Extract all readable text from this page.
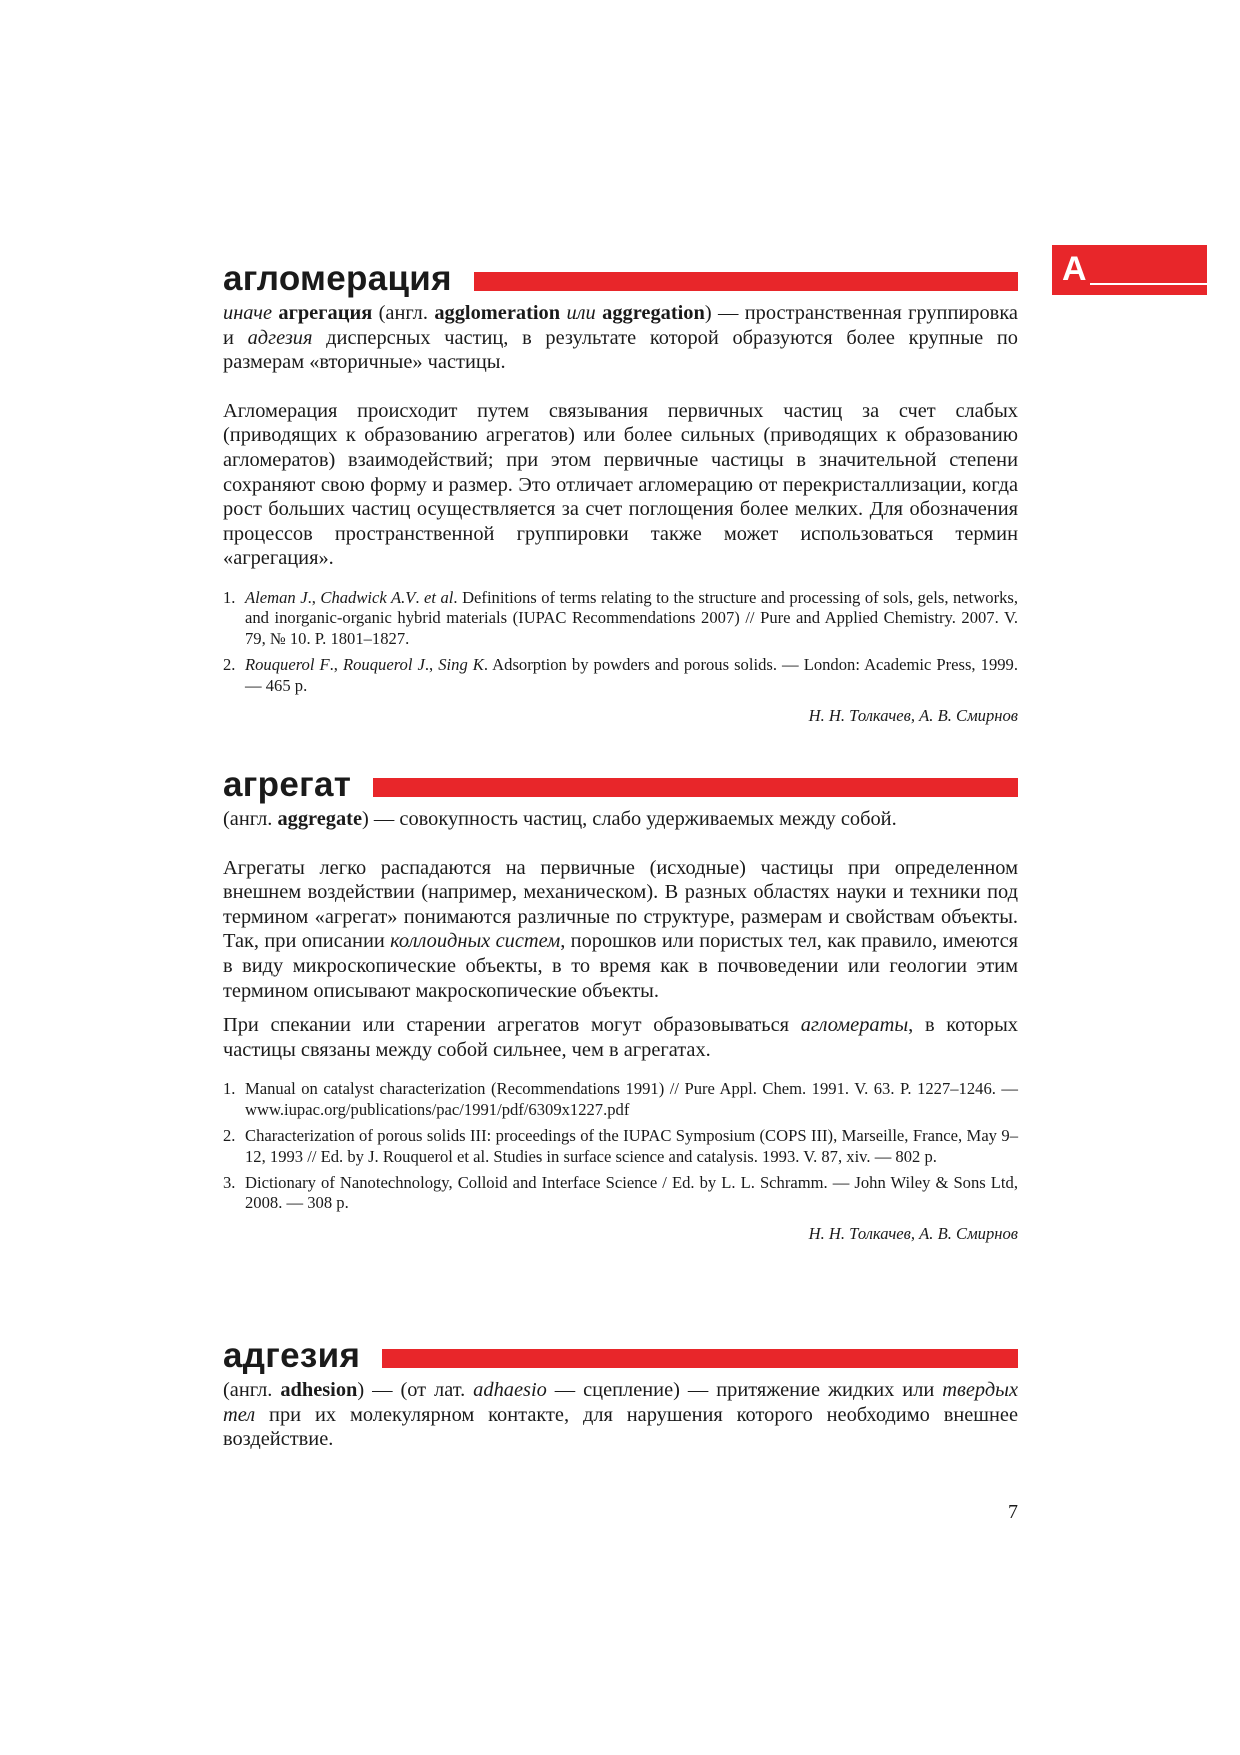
А
агломерация

иначе агрегация (англ. agglomeration или aggregation) — пространственная группировка и адгезия дисперсных частиц, в результате которой образуются более крупные по размерам «вторичные» частицы.

Агломерация происходит путем связывания первичных частиц за счет слабых (приводящих к образованию агрегатов) или более сильных (приводящих к образованию агломератов) взаимодействий; при этом первичные частицы в значительной степени сохраняют свою форму и размер. Это отличает агломерацию от перекристаллизации, когда рост больших частиц осуществляется за счет поглощения более мелких. Для обозначения процессов пространственной группировки также может использоваться термин «агрегация».

1. Aleman J., Chadwick A.V. et al. Definitions of terms relating to the structure and processing of sols, gels, networks, and inorganic-organic hybrid materials (IUPAC Recommendations 2007) // Pure and Applied Chemistry. 2007. V. 79, № 10. P. 1801–1827.
2. Rouquerol F., Rouquerol J., Sing K. Adsorption by powders and porous solids. — London: Academic Press, 1999. — 465 p.
Н. Н. Толкачев, А. В. Смирнов
агрегат

(англ. aggregate) — совокупность частиц, слабо удерживаемых между собой.

Агрегаты легко распадаются на первичные (исходные) частицы при определенном внешнем воздействии (например, механическом). В разных областях науки и техники под термином «агрегат» понимаются различные по структуре, размерам и свойствам объекты. Так, при описании коллоидных систем, порошков или пористых тел, как правило, имеются в виду микроскопические объекты, в то время как в почвоведении или геологии этим термином описывают макроскопические объекты.

При спекании или старении агрегатов могут образовываться агломераты, в которых частицы связаны между собой сильнее, чем в агрегатах.

1. Manual on catalyst characterization (Recommendations 1991) // Pure Appl. Chem. 1991. V. 63. P. 1227–1246. — www.iupac.org/publications/pac/1991/pdf/6309x1227.pdf
2. Characterization of porous solids III: proceedings of the IUPAC Symposium (COPS III), Marseille, France, May 9–12, 1993 // Ed. by J. Rouquerol et al. Studies in surface science and catalysis. 1993. V. 87, xiv. — 802 p.
3. Dictionary of Nanotechnology, Colloid and Interface Science / Ed. by L. L. Schramm. — John Wiley & Sons Ltd, 2008. — 308 p.
Н. Н. Толкачев, А. В. Смирнов
адгезия

(англ. adhesion) — (от лат. adhaesio — сцепление) — притяжение жидких или твердых тел при их молекулярном контакте, для нарушения которого необходимо внешнее воздействие.

7
